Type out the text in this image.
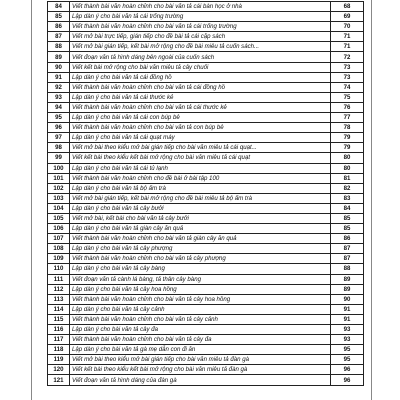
84	Viết thành bài văn hoàn chỉnh cho bài văn tả cái bàn học ở nhà	68
85	Lập dàn ý cho bài văn tả cái trống trường	69
86	Viết thành bài văn hoàn chỉnh cho bài văn tả cái trống trường	70
87	Viết mở bài trực tiếp, gián tiếp cho đề bài tả cái cặp sách	71
88	Viết mở bài gián tiếp, kết bài mở rộng cho đề bài miêu tả cuốn sách...	71
89	Viết đoạn văn tả hình dáng bên ngoài của cuốn sách	72
90	Viết kết bài mở rộng cho bài văn miêu tả cây chuối	73
91	Lập dàn ý cho bài văn tả cái đồng hồ	73
92	Viết thành bài văn hoàn chỉnh cho bài văn tả cái đồng hồ	74
93	Lập dàn ý cho bài văn tả cái thước kẻ	75
94	Viết thành bài văn hoàn chỉnh cho bài văn tả cái thước kẻ	76
95	Lập dàn ý cho bài văn tả cái con búp bê	77
96	Viết thành bài văn hoàn chỉnh cho bài văn tả con búp bê	78
97	Lập dàn ý cho bài văn tả cái quạt máy	79
98	Viết mở bài theo kiểu mở bài gián tiếp cho bài văn miêu tả cái quạt...	79
99	Viết kết bài theo kiểu kết bài mở rộng cho bài văn miêu tả cái quạt	80
100	Lập dàn ý cho bài văn tả cái tủ lạnh	80
101	Viết thành bài văn hoàn chỉnh cho đề bài ở bài tập 100	81
102	Lập dàn ý cho bài văn tả bộ ấm trà	82
103	Viết mở bài gián tiếp, kết bài mở rộng cho đề bài miêu tả bộ ấm trà	83
104	Lập dàn ý cho bài văn tả cây bưởi	84
105	Viết mở bài, kết bài cho bài văn tả cây bưởi	85
106	Lập dàn ý cho bài văn tả giàn cây ăn quả	85
107	Viết thành bài văn hoàn chỉnh cho bài văn tả giàn cây ăn quả	86
108	Lập dàn ý cho bài văn tả cây phượng	87
109	Viết thành bài văn hoàn chỉnh cho bài văn tả cây phượng	87
110	Lập dàn ý cho bài văn tả cây bàng	88
111	Viết đoạn văn tả cành lá bàng, tả thân cây bàng	89
112	Lập dàn ý cho bài văn tả cây hoa hồng	89
113	Viết thành bài văn hoàn chỉnh cho bài văn tả cây hoa hồng	90
114	Lập dàn ý cho bài văn tả cây cảnh	91
115	Viết thành bài văn hoàn chỉnh cho bài văn tả cây cảnh	91
116	Lập dàn ý cho bài văn tả cây đa	93
117	Viết thành bài văn hoàn chỉnh cho bài văn tả cây đa	93
118	Lập dàn ý cho bài văn tả gà mẹ dẫn con đi ăn	95
119	Viết mở bài theo kiểu mở bài gián tiếp cho bài văn miêu tả đàn gà	95
120	Viết kết bài theo kiểu kết bài mở rộng cho bài văn miêu tả đàn gà	96
121	Viết đoạn văn tả hình dáng của đàn gà	96
